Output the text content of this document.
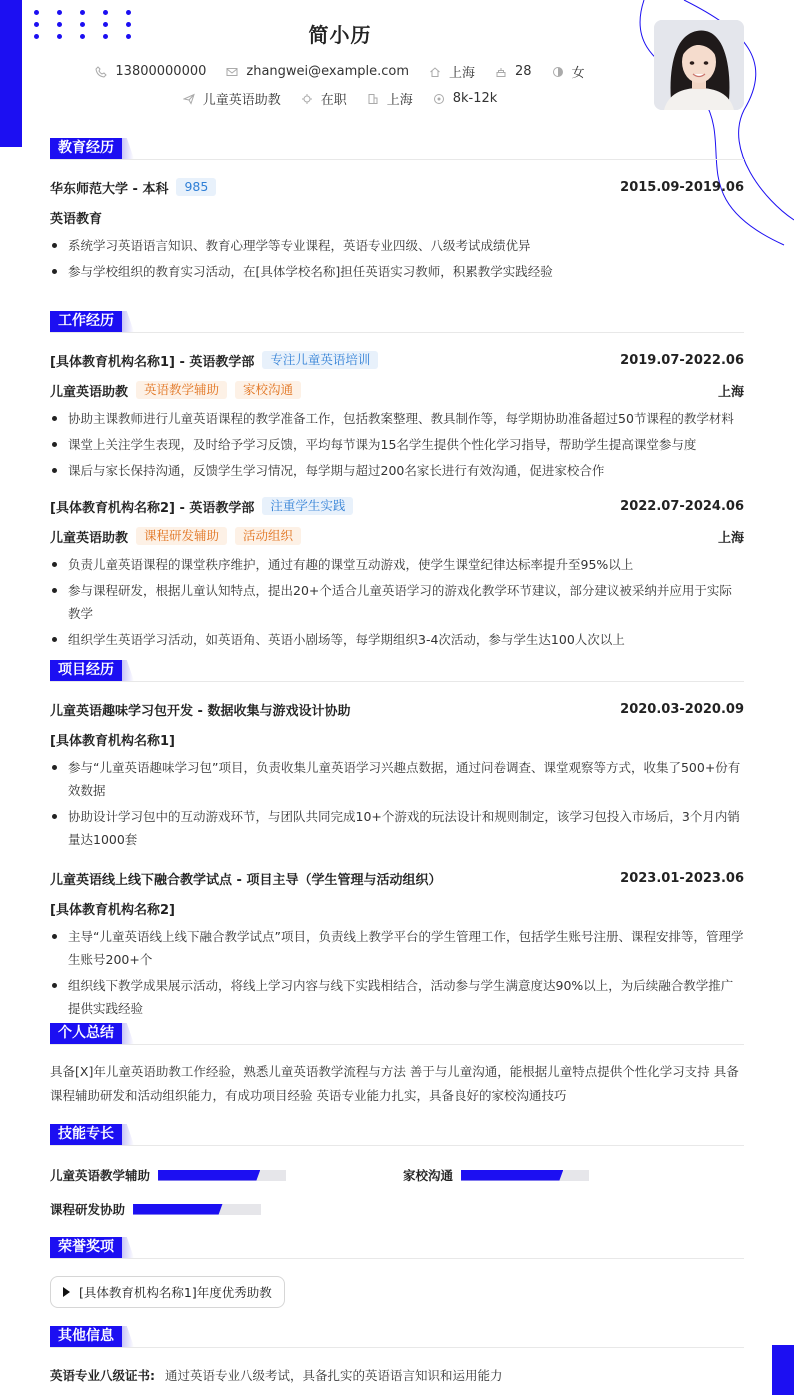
简小历
13800000000	zhangwei@example.com	上海	28	女
儿童英语助教	在职	上海	8k-12k
教育经历
华东师范大学 - 本科	985	2015.09-2019.06
英语教育
系统学习英语语言知识、教育心理学等专业课程，英语专业四级、八级考试成绩优异
参与学校组织的教育实习活动，在[具体学校名称]担任英语实习教师，积累教学实践经验
工作经历
[具体教育机构名称1] - 英语教学部	专注儿童英语培训	2019.07-2022.06
儿童英语助教	英语教学辅助	家校沟通	上海
协助主课教师进行儿童英语课程的教学准备工作，包括教案整理、教具制作等，每学期协助准备超过50节课程的教学材料
课堂上关注学生表现，及时给予学习反馈，平均每节课为15名学生提供个性化学习指导，帮助学生提高课堂参与度
课后与家长保持沟通，反馈学生学习情况，每学期与超过200名家长进行有效沟通，促进家校合作
[具体教育机构名称2] - 英语教学部	注重学生实践	2022.07-2024.06
儿童英语助教	课程研发辅助	活动组织	上海
负责儿童英语课程的课堂秩序维护，通过有趣的课堂互动游戏，使学生课堂纪律达标率提升至95%以上
参与课程研发，根据儿童认知特点，提出20+个适合儿童英语学习的游戏化教学环节建议，部分建议被采纳并应用于实际教学
组织学生英语学习活动，如英语角、英语小剧场等，每学期组织3-4次活动，参与学生达100人次以上
项目经历
儿童英语趣味学习包开发 - 数据收集与游戏设计协助	2020.03-2020.09
[具体教育机构名称1]
参与“儿童英语趣味学习包”项目，负责收集儿童英语学习兴趣点数据，通过问卷调查、课堂观察等方式，收集了500+份有效数据
协助设计学习包中的互动游戏环节，与团队共同完成10+个游戏的玩法设计和规则制定，该学习包投入市场后，3个月内销量达1000套
儿童英语线上线下融合教学试点 - 项目主导（学生管理与活动组织）	2023.01-2023.06
[具体教育机构名称2]
主导“儿童英语线上线下融合教学试点”项目，负责线上教学平台的学生管理工作，包括学生账号注册、课程安排等，管理学生账号200+个
组织线下教学成果展示活动，将线上学习内容与线下实践相结合，活动参与学生满意度达90%以上，为后续融合教学推广提供实践经验
个人总结
具备[X]年儿童英语助教工作经验，熟悉儿童英语教学流程与方法 善于与儿童沟通，能根据儿童特点提供个性化学习支持 具备课程辅助研发和活动组织能力，有成功项目经验 英语专业能力扎实，具备良好的家校沟通技巧
技能专长
儿童英语教学辅助	家校沟通
课程研发协助
荣誉奖项
[具体教育机构名称1]年度优秀助教
其他信息
英语专业八级证书: 通过英语专业八级考试，具备扎实的英语语言知识和运用能力
